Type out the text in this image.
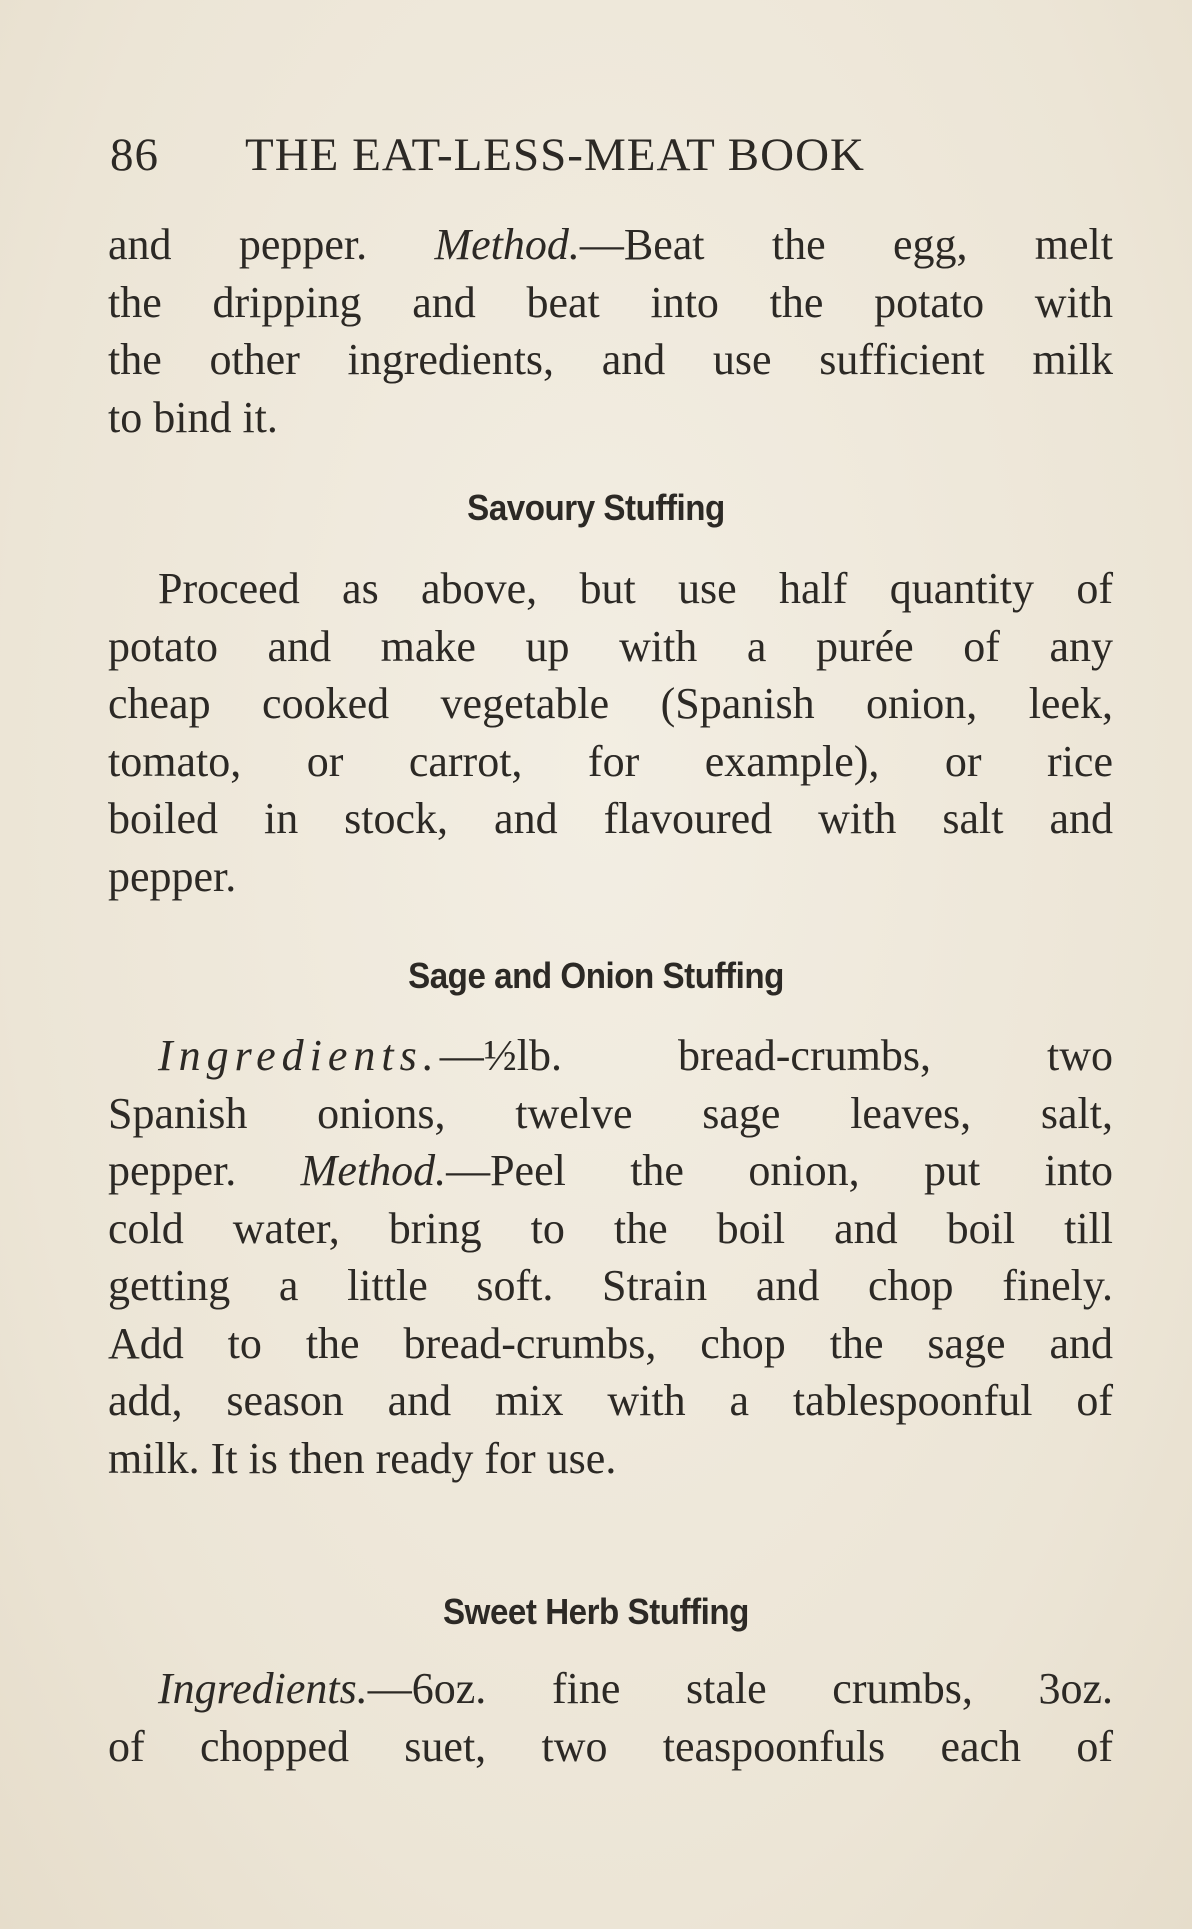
86 THE EAT-LESS-MEAT BOOK
and pepper. Method.—Beat the egg, melt
the dripping and beat into the potato with
the other ingredients, and use sufficient milk
to bind it.
Savoury Stuffing
Proceed as above, but use half quantity of
potato and make up with a purée of any
cheap cooked vegetable (Spanish onion, leek,
tomato, or carrot, for example), or rice
boiled in stock, and flavoured with salt and
pepper.
Sage and Onion Stuffing
Ingredients.—½lb. bread-crumbs, two
Spanish onions, twelve sage leaves, salt,
pepper. Method.—Peel the onion, put into
cold water, bring to the boil and boil till
getting a little soft. Strain and chop finely.
Add to the bread-crumbs, chop the sage and
add, season and mix with a tablespoonful of
milk. It is then ready for use.
Sweet Herb Stuffing
Ingredients.—6oz. fine stale crumbs, 3oz.
of chopped suet, two teaspoonfuls each of
